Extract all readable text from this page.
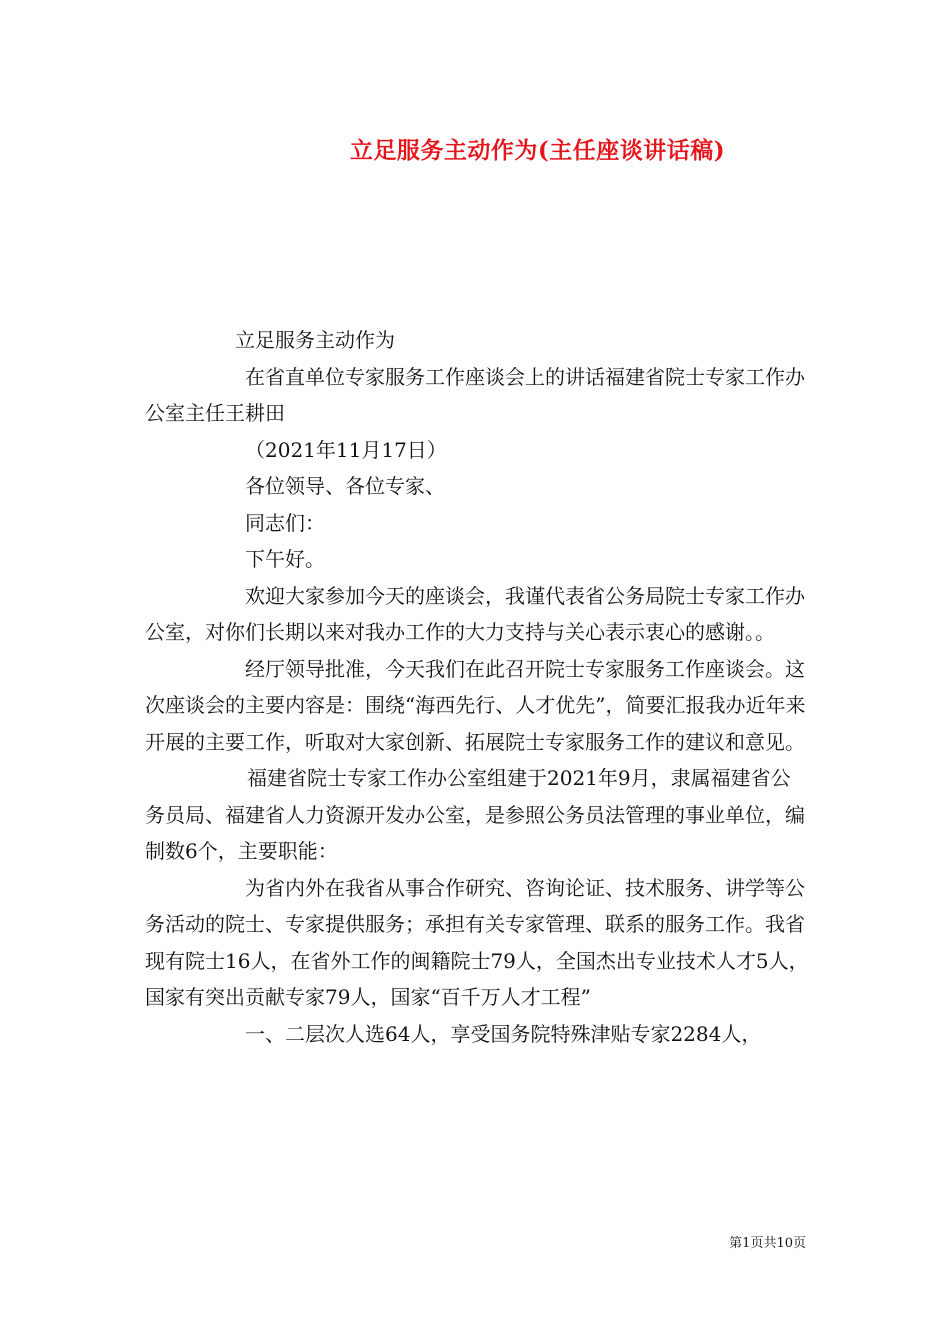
立足服务主动作为(主任座谈讲话稿)

立足服务主动作为

在省直单位专家服务工作座谈会上的讲话福建省院士专家工作办公室主任王耕田

（2021年11月17日）

各位领导、各位专家、

同志们：

下午好。

欢迎大家参加今天的座谈会，我谨代表省公务局院士专家工作办公室，对你们长期以来对我办工作的大力支持与关心表示衷心的感谢。。

经厅领导批准，今天我们在此召开院士专家服务工作座谈会。这次座谈会的主要内容是：围绕“海西先行、人才优先”，简要汇报我办近年来开展的主要工作，听取对大家创新、拓展院士专家服务工作的建议和意见。

福建省院士专家工作办公室组建于2021年9月，隶属福建省公务员局、福建省人力资源开发办公室，是参照公务员法管理的事业单位，编制数6个，主要职能：

为省内外在我省从事合作研究、咨询论证、技术服务、讲学等公务活动的院士、专家提供服务；承担有关专家管理、联系的服务工作。我省现有院士16人，在省外工作的闽籍院士79人，全国杰出专业技术人才5人，国家有突出贡献专家79人，国家“百千万人才工程”

一、二层次人选64人，享受国务院特殊津贴专家2284人，

第1页共10页
